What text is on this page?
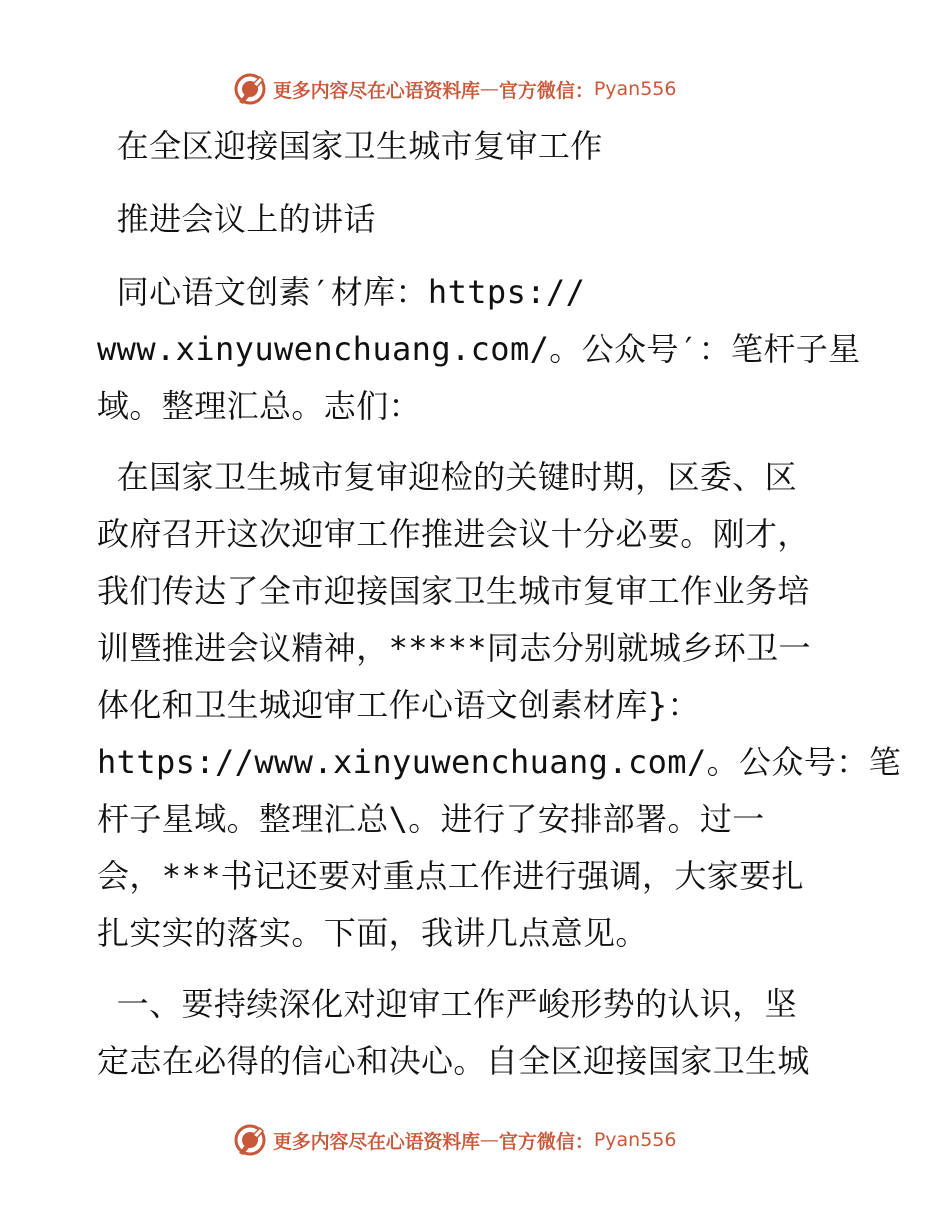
更多内容尽在心语资料库 — 官方微信： Pyan556
在全区迎接国家卫生城市复审工作
推进会议上的讲话
同心语文创素′材库：https://
www.xinyuwenchuang.com/。公众号′：笔杆子星
域。整理汇总。志们：
在国家卫生城市复审迎检的关键时期，区委、区
政府召开这次迎审工作推进会议十分必要。刚才，
我们传达了全市迎接国家卫生城市复审工作业务培
训暨推进会议精神，*****同志分别就城乡环卫一
体化和卫生城迎审工作心语文创素材库}：
https://www.xinyuwenchuang.com/。公众号：笔
杆子星域。整理汇总\。进行了安排部署。过一
会，***书记还要对重点工作进行强调，大家要扎
扎实实的落实。下面，我讲几点意见。
一、要持续深化对迎审工作严峻形势的认识，坚
定志在必得的信心和决心。自全区迎接国家卫生城
更多内容尽在心语资料库 — 官方微信： Pyan556
